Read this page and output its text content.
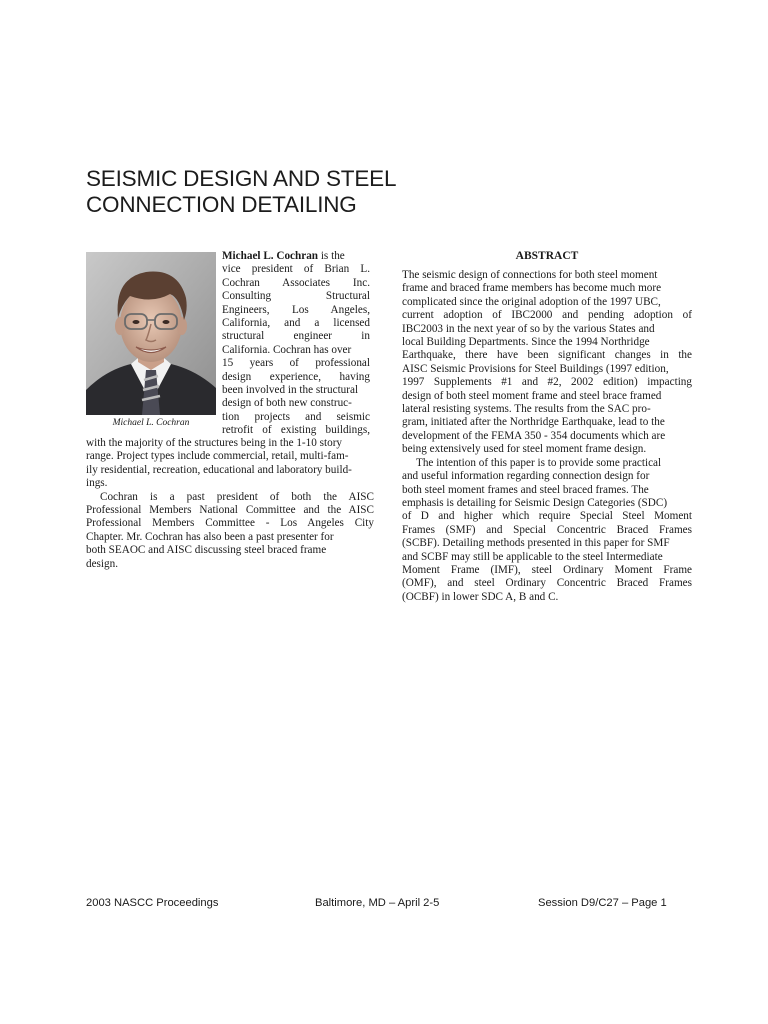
SEISMIC DESIGN AND STEEL
CONNECTION DETAILING
Michael L. Cochran
Michael L. Cochran is the
vice president of Brian L.
Cochran Associates Inc.
Consulting Structural
Engineers, Los Angeles,
California, and a licensed
structural engineer in
California. Cochran has over
15 years of professional
design experience, having
been involved in the structural
design of both new construc-
tion projects and seismic
retrofit of existing buildings,
with the majority of the structures being in the 1-10 story
range. Project types include commercial, retail, multi-fam-
ily residential, recreation, educational and laboratory build-
ings.
Cochran is a past president of both the AISC
Professional Members National Committee and the AISC
Professional Members Committee - Los Angeles City
Chapter. Mr. Cochran has also been a past presenter for
both SEAOC and AISC discussing steel braced frame
design.
ABSTRACT
The seismic design of connections for both steel moment
frame and braced frame members has become much more
complicated since the original adoption of the 1997 UBC,
current adoption of IBC2000 and pending adoption of
IBC2003 in the next year of so by the various States and
local Building Departments. Since the 1994 Northridge
Earthquake, there have been significant changes in the
AISC Seismic Provisions for Steel Buildings (1997 edition,
1997 Supplements #1 and #2, 2002 edition) impacting
design of both steel moment frame and steel brace framed
lateral resisting systems. The results from the SAC pro-
gram, initiated after the Northridge Earthquake, lead to the
development of the FEMA 350 - 354 documents which are
being extensively used for steel moment frame design.
The intention of this paper is to provide some practical
and useful information regarding connection design for
both steel moment frames and steel braced frames. The
emphasis is detailing for Seismic Design Categories (SDC)
of D and higher which require Special Steel Moment
Frames (SMF) and Special Concentric Braced Frames
(SCBF). Detailing methods presented in this paper for SMF
and SCBF may still be applicable to the steel Intermediate
Moment Frame (IMF), steel Ordinary Moment Frame
(OMF), and steel Ordinary Concentric Braced Frames
(OCBF) in lower SDC A, B and C.
2003 NASCC Proceedings	Baltimore, MD – April 2-5	Session D9/C27 – Page 1
